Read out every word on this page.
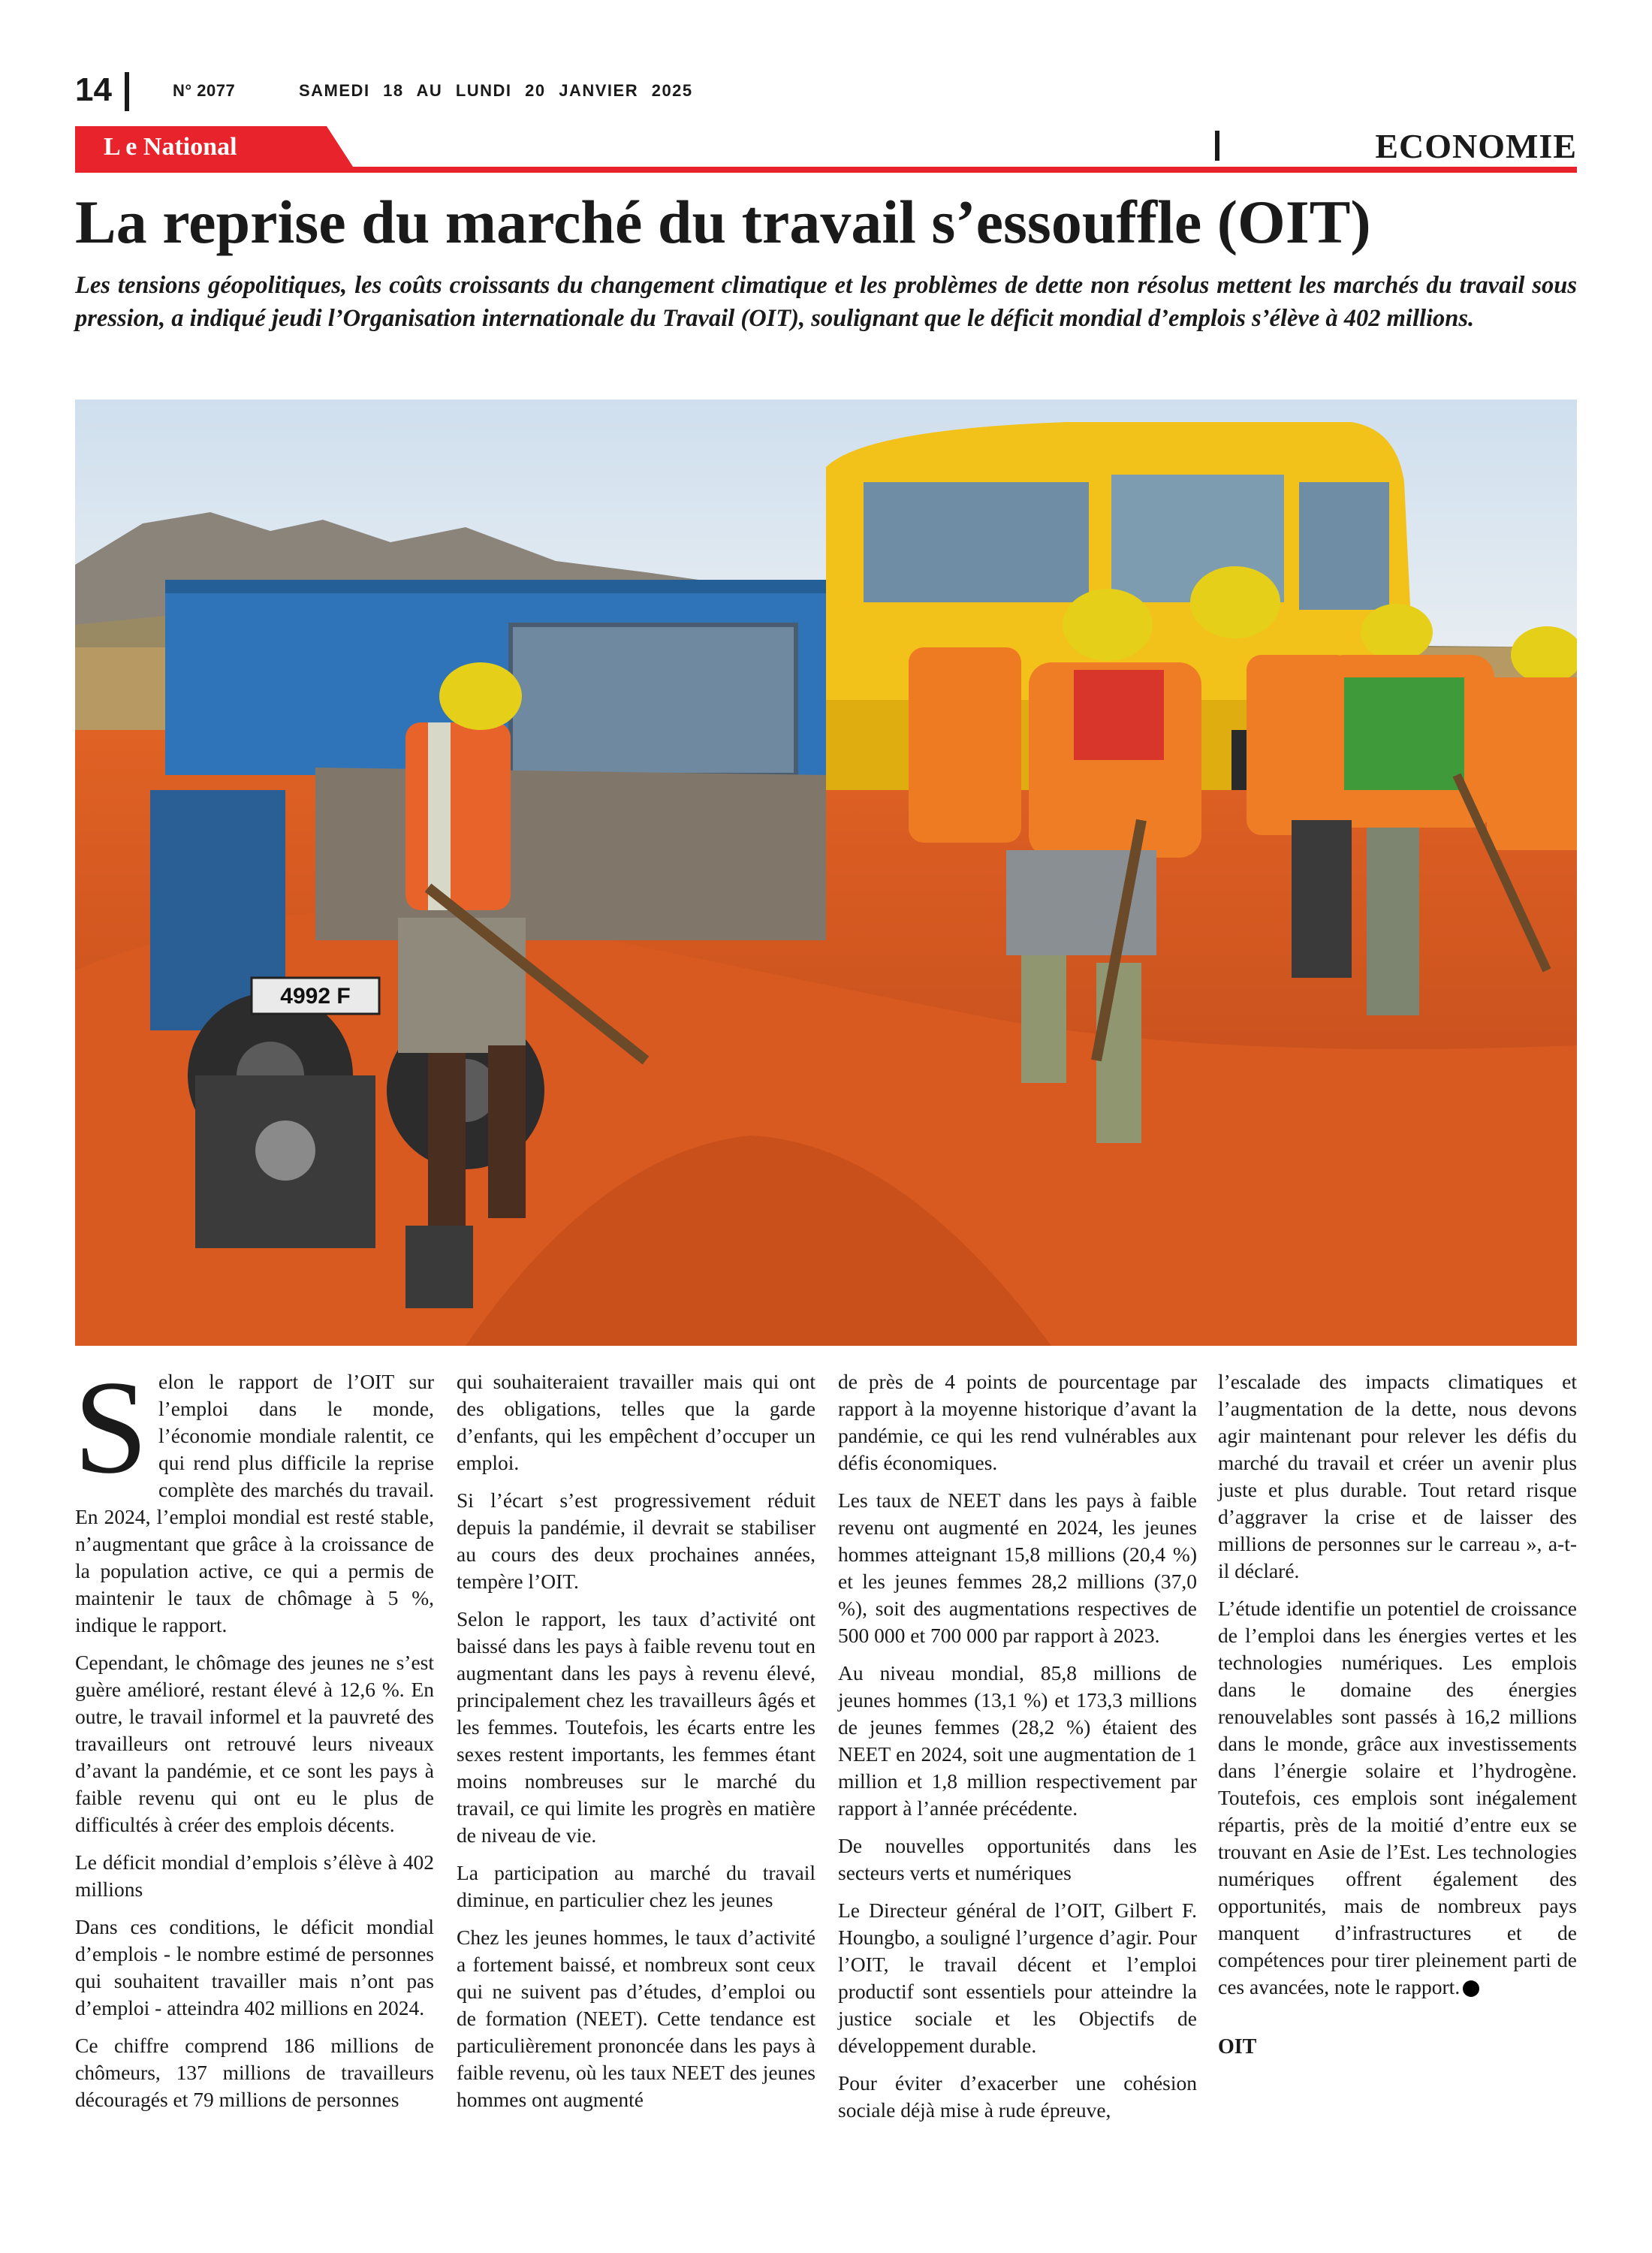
14	N° 2077	SAMEDI 18 AU LUNDI 20 JANVIER 2025
L e National	ECONOMIE
La reprise du marché du travail s’essouffle (OIT)

Les tensions géopolitiques, les coûts croissants du changement climatique et les problèmes de dette non résolus mettent les marchés du travail sous pression, a indiqué jeudi l’Organisation internationale du Travail (OIT), soulignant que le déficit mondial d’emplois s’élève à 402 millions.

4992 F

Selon le rapport de l’OIT sur l’emploi dans le monde, l’économie mondiale ralentit, ce qui rend plus difficile la reprise complète des marchés du travail. En 2024, l’emploi mondial est resté stable, n’augmentant que grâce à la croissance de la population active, ce qui a permis de maintenir le taux de chômage à 5 %, indique le rapport.

Cependant, le chômage des jeunes ne s’est guère amélioré, restant élevé à 12,6 %. En outre, le travail informel et la pauvreté des travailleurs ont retrouvé leurs niveaux d’avant la pandémie, et ce sont les pays à faible revenu qui ont eu le plus de difficultés à créer des emplois décents.

Le déficit mondial d’emplois s’élève à 402 millions

Dans ces conditions, le déficit mondial d’emplois - le nombre estimé de personnes qui souhaitent travailler mais n’ont pas d’emploi - atteindra 402 millions en 2024.

Ce chiffre comprend 186 millions de chômeurs, 137 millions de travailleurs découragés et 79 millions de personnes

qui souhaiteraient travailler mais qui ont des obligations, telles que la garde d’enfants, qui les empêchent d’occuper un emploi.

Si l’écart s’est progressivement réduit depuis la pandémie, il devrait se stabiliser au cours des deux prochaines années, tempère l’OIT.

Selon le rapport, les taux d’activité ont baissé dans les pays à faible revenu tout en augmentant dans les pays à revenu élevé, principalement chez les travailleurs âgés et les femmes. Toutefois, les écarts entre les sexes restent importants, les femmes étant moins nombreuses sur le marché du travail, ce qui limite les progrès en matière de niveau de vie.

La participation au marché du travail diminue, en particulier chez les jeunes

Chez les jeunes hommes, le taux d’activité a fortement baissé, et nombreux sont ceux qui ne suivent pas d’études, d’emploi ou de formation (NEET). Cette tendance est particulièrement prononcée dans les pays à faible revenu, où les taux NEET des jeunes hommes ont augmenté

de près de 4 points de pourcentage par rapport à la moyenne historique d’avant la pandémie, ce qui les rend vulnérables aux défis économiques.

Les taux de NEET dans les pays à faible revenu ont augmenté en 2024, les jeunes hommes atteignant 15,8 millions (20,4 %) et les jeunes femmes 28,2 millions (37,0 %), soit des augmentations respectives de 500 000 et 700 000 par rapport à 2023.

Au niveau mondial, 85,8 millions de jeunes hommes (13,1 %) et 173,3 millions de jeunes femmes (28,2 %) étaient des NEET en 2024, soit une augmentation de 1 million et 1,8 million respectivement par rapport à l’année précédente.

De nouvelles opportunités dans les secteurs verts et numériques

Le Directeur général de l’OIT, Gilbert F. Houngbo, a souligné l’urgence d’agir. Pour l’OIT, le travail décent et l’emploi productif sont essentiels pour atteindre la justice sociale et les Objectifs de développement durable.

Pour éviter d’exacerber une cohésion sociale déjà mise à rude épreuve,

l’escalade des impacts climatiques et l’augmentation de la dette, nous devons agir maintenant pour relever les défis du marché du travail et créer un avenir plus juste et plus durable. Tout retard risque d’aggraver la crise et de laisser des millions de personnes sur le carreau », a-t-il déclaré.

L’étude identifie un potentiel de croissance de l’emploi dans les énergies vertes et les technologies numériques. Les emplois dans le domaine des énergies renouvelables sont passés à 16,2 millions dans le monde, grâce aux investissements dans l’énergie solaire et l’hydrogène. Toutefois, ces emplois sont inégalement répartis, près de la moitié d’entre eux se trouvant en Asie de l’Est. Les technologies numériques offrent également des opportunités, mais de nombreux pays manquent d’infrastructures et de compétences pour tirer pleinement parti de ces avancées, note le rapport.

OIT
